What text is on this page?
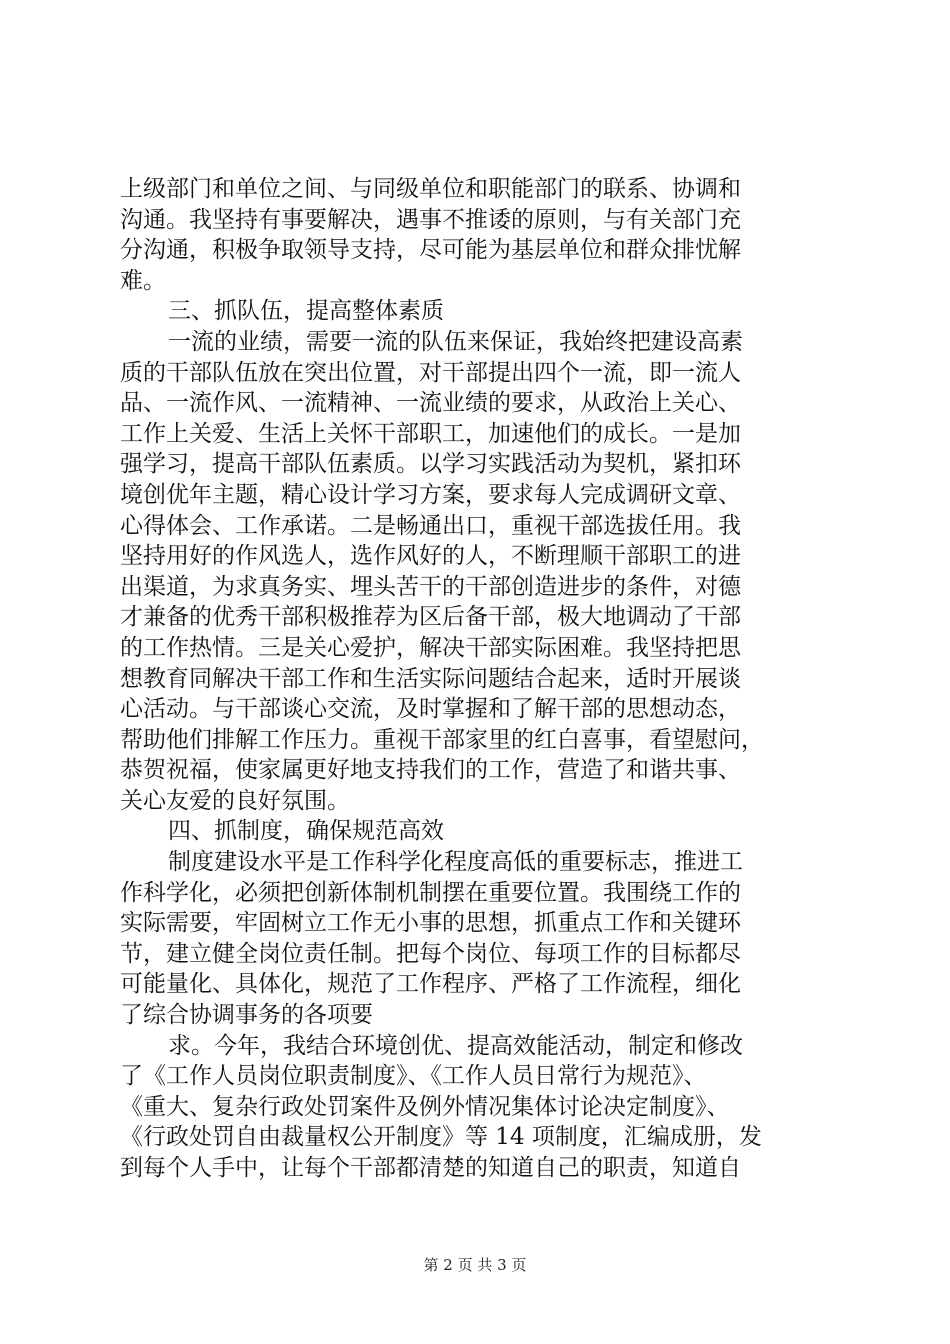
上级部门和单位之间、与同级单位和职能部门的联系、协调和
沟通。我坚持有事要解决，遇事不推诿的原则，与有关部门充
分沟通，积极争取领导支持，尽可能为基层单位和群众排忧解
难。
三、抓队伍，提高整体素质
一流的业绩，需要一流的队伍来保证，我始终把建设高素
质的干部队伍放在突出位置，对干部提出四个一流，即一流人
品、一流作风、一流精神、一流业绩的要求，从政治上关心、
工作上关爱、生活上关怀干部职工，加速他们的成长。一是加
强学习，提高干部队伍素质。以学习实践活动为契机，紧扣环
境创优年主题，精心设计学习方案，要求每人完成调研文章、
心得体会、工作承诺。二是畅通出口，重视干部选拔任用。我
坚持用好的作风选人，选作风好的人，不断理顺干部职工的进
出渠道，为求真务实、埋头苦干的干部创造进步的条件，对德
才兼备的优秀干部积极推荐为区后备干部，极大地调动了干部
的工作热情。三是关心爱护，解决干部实际困难。我坚持把思
想教育同解决干部工作和生活实际问题结合起来，适时开展谈
心活动。与干部谈心交流，及时掌握和了解干部的思想动态，
帮助他们排解工作压力。重视干部家里的红白喜事，看望慰问，
恭贺祝福，使家属更好地支持我们的工作，营造了和谐共事、
关心友爱的良好氛围。
四、抓制度，确保规范高效
制度建设水平是工作科学化程度高低的重要标志，推进工
作科学化，必须把创新体制机制摆在重要位置。我围绕工作的
实际需要，牢固树立工作无小事的思想，抓重点工作和关键环
节，建立健全岗位责任制。把每个岗位、每项工作的目标都尽
可能量化、具体化，规范了工作程序、严格了工作流程，细化
了综合协调事务的各项要
求。今年，我结合环境创优、提高效能活动，制定和修改
了《工作人员岗位职责制度》、《工作人员日常行为规范》、
《重大、复杂行政处罚案件及例外情况集体讨论决定制度》、
《行政处罚自由裁量权公开制度》等 14 项制度，汇编成册，发
到每个人手中，让每个干部都清楚的知道自己的职责，知道自
第 2 页 共 3 页
